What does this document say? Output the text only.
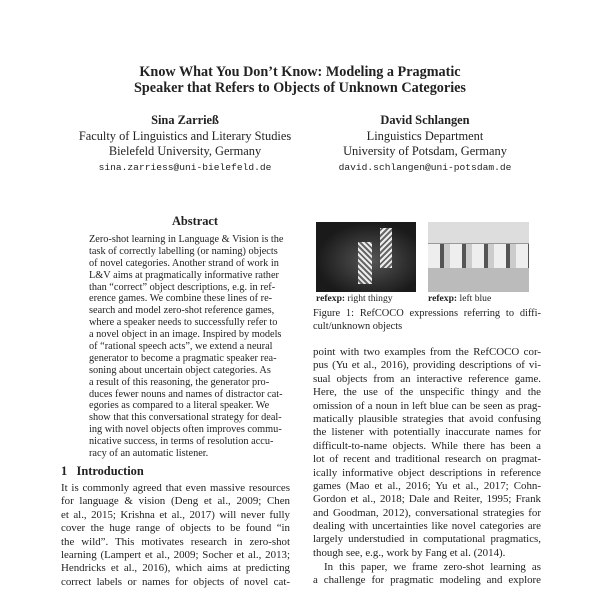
Know What You Don’t Know: Modeling a Pragmatic
Speaker that Refers to Objects of Unknown Categories
Sina Zarrieß
Faculty of Linguistics and Literary Studies
Bielefeld University, Germany
sina.zarriess@uni-bielefeld.de
David Schlangen
Linguistics Department
University of Potsdam, Germany
david.schlangen@uni-potsdam.de
Abstract
Zero-shot learning in Language & Vision is the
task of correctly labelling (or naming) objects
of novel categories. Another strand of work in
L&V aims at pragmatically informative rather
than “correct” object descriptions, e.g. in ref-
erence games. We combine these lines of re-
search and model zero-shot reference games,
where a speaker needs to successfully refer to
a novel object in an image. Inspired by models
of “rational speech acts”, we extend a neural
generator to become a pragmatic speaker rea-
soning about uncertain object categories. As
a result of this reasoning, the generator pro-
duces fewer nouns and names of distractor cat-
egories as compared to a literal speaker. We
show that this conversational strategy for deal-
ing with novel objects often improves commu-
nicative success, in terms of resolution accu-
racy of an automatic listener.
1 Introduction
It is commonly agreed that even massive resources
for language & vision (Deng et al., 2009; Chen
et al., 2015; Krishna et al., 2017) will never fully
cover the huge range of objects to be found “in
the wild”. This motivates research in zero-shot
learning (Lampert et al., 2009; Socher et al., 2013;
Hendricks et al., 2016), which aims at predicting
correct labels or names for objects of novel cat-
refexp: right thingy	refexp: left blue
Figure 1: RefCOCO expressions referring to diffi-
cult/unknown objects
point with two examples from the RefCOCO cor-
pus (Yu et al., 2016), providing descriptions of vi-
sual objects from an interactive reference game.
Here, the use of the unspecific thingy and the
omission of a noun in left blue can be seen as prag-
matically plausible strategies that avoid confusing
the listener with potentially inaccurate names for
difficult-to-name objects. While there has been a
lot of recent and traditional research on pragmat-
ically informative object descriptions in reference
games (Mao et al., 2016; Yu et al., 2017; Cohn-
Gordon et al., 2018; Dale and Reiter, 1995; Frank
and Goodman, 2012), conversational strategies for
dealing with uncertainties like novel categories are
largely understudied in computational pragmatics,
though see, e.g., work by Fang et al. (2014).
In this paper, we frame zero-shot learning as
a challenge for pragmatic modeling and explore
